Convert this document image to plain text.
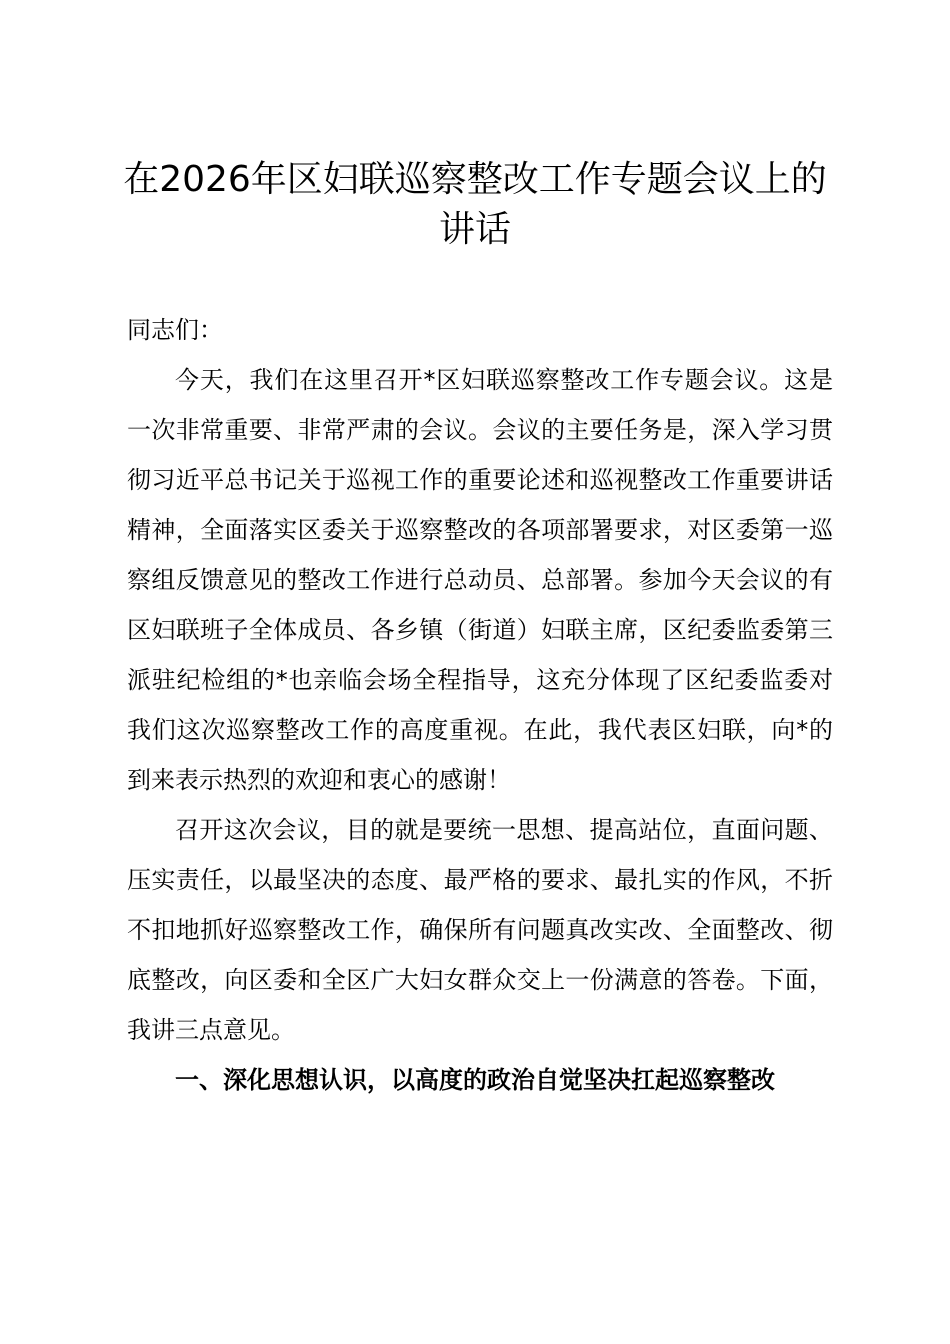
在2026年区妇联巡察整改工作专题会议上的讲话

同志们：

今天，我们在这里召开*区妇联巡察整改工作专题会议。这是一次非常重要、非常严肃的会议。会议的主要任务是，深入学习贯彻习近平总书记关于巡视工作的重要论述和巡视整改工作重要讲话精神，全面落实区委关于巡察整改的各项部署要求，对区委第一巡察组反馈意见的整改工作进行总动员、总部署。参加今天会议的有区妇联班子全体成员、各乡镇（街道）妇联主席，区纪委监委第三派驻纪检组的*也亲临会场全程指导，这充分体现了区纪委监委对我们这次巡察整改工作的高度重视。在此，我代表区妇联，向*的到来表示热烈的欢迎和衷心的感谢！

召开这次会议，目的就是要统一思想、提高站位，直面问题、压实责任，以最坚决的态度、最严格的要求、最扎实的作风，不折不扣地抓好巡察整改工作，确保所有问题真改实改、全面整改、彻底整改，向区委和全区广大妇女群众交上一份满意的答卷。下面，我讲三点意见。

一、深化思想认识，以高度的政治自觉坚决扛起巡察整改
